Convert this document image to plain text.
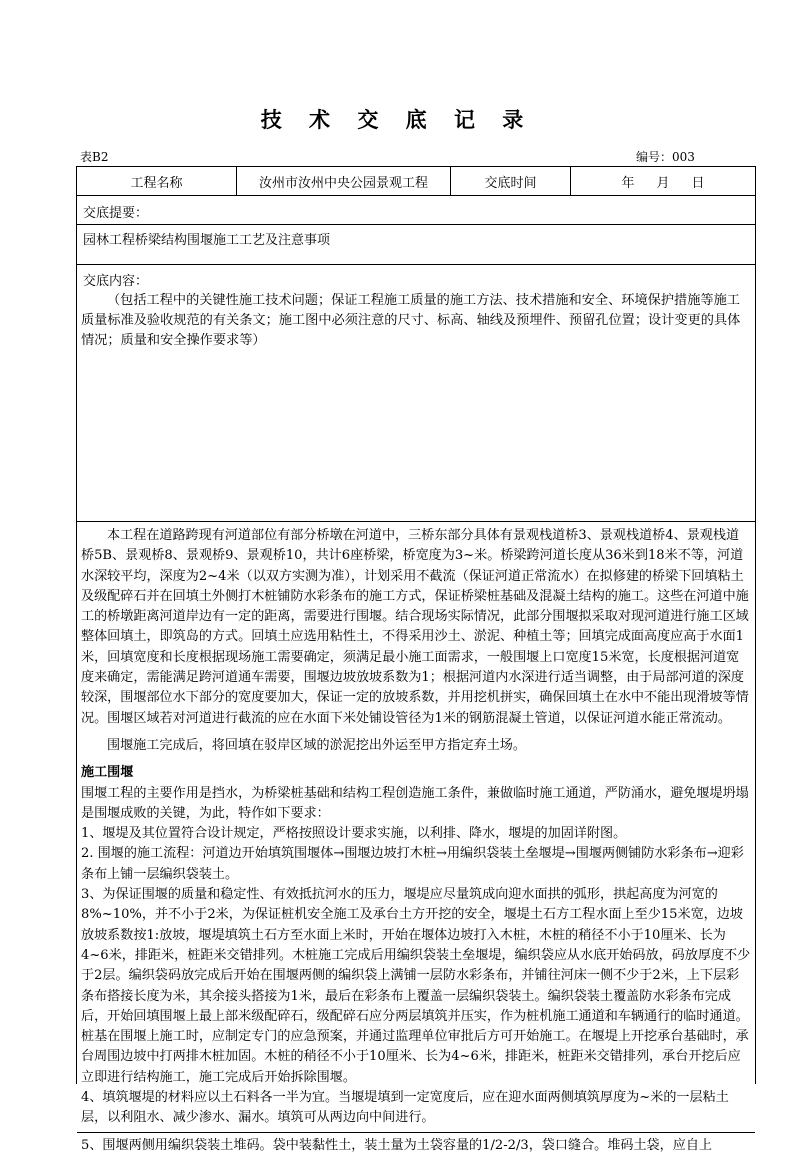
技 术 交 底 记 录
表B2	编号：003
工程名称	汝州市汝州中央公园景观工程	交底时间	年 月 日
交底提要：
园林工程桥梁结构围堰施工工艺及注意事项
交底内容：
（包括工程中的关键性施工技术问题；保证工程施工质量的施工方法、技术措施和安全、环境保护措施等施工质量标准及验收规范的有关条文；施工图中必须注意的尺寸、标高、轴线及预埋件、预留孔位置；设计变更的具体情况；质量和安全操作要求等）

本工程在道路跨现有河道部位有部分桥墩在河道中，三桥东部分具体有景观栈道桥3、景观栈道桥4、景观栈道桥5B、景观桥8、景观桥9、景观桥10，共计6座桥梁，桥宽度为3~米。桥梁跨河道长度从36米到18米不等，河道水深较平均，深度为2~4米（以双方实测为准），计划采用不截流（保证河道正常流水）在拟修建的桥梁下回填粘土及级配碎石并在回填土外侧打木桩铺防水彩条布的施工方式，保证桥梁桩基础及混凝土结构的施工。这些在河道中施工的桥墩距离河道岸边有一定的距离，需要进行围堰。结合现场实际情况，此部分围堰拟采取对现河道进行施工区域整体回填土，即筑岛的方式。回填土应选用粘性土，不得采用沙土、淤泥、种植土等；回填完成面高度应高于水面1米，回填宽度和长度根据现场施工需要确定，须满足最小施工面需求，一般围堰上口宽度15米宽，长度根据河道宽度来确定，需能满足跨河道通车需要，围堰边坡放坡系数为1；根据河道内水深进行适当调整，由于局部河道的深度较深，围堰部位水下部分的宽度要加大，保证一定的放坡系数，并用挖机拼实，确保回填土在水中不能出现滑坡等情况。围堰区域若对河道进行截流的应在水面下米处铺设管径为1米的钢筋混凝土管道，以保证河道水能正常流动。

围堰施工完成后，将回填在驳岸区域的淤泥挖出外运至甲方指定弃土场。

施工围堰

围堰工程的主要作用是挡水，为桥梁桩基础和结构工程创造施工条件，兼做临时施工通道，严防涌水，避免堰堤坍塌是围堰成败的关键，为此，特作如下要求：

1、堰堤及其位置符合设计规定，严格按照设计要求实施，以利排、降水，堰堤的加固详附图。

2. 围堰的施工流程：河道边开始填筑围堰体→围堰边坡打木桩→用编织袋装土垒堰堤→围堰两侧铺防水彩条布→迎彩条布上铺一层编织袋装土。

3、为保证围堰的质量和稳定性、有效抵抗河水的压力，堰堤应尽量筑成向迎水面拱的弧形，拱起高度为河宽的8%~10%，并不小于2米，为保证桩机安全施工及承台土方开挖的安全，堰堤土石方工程水面上至少15米宽，边坡放坡系数按1:放坡，堰堤填筑土石方至水面上米时，开始在堰体边坡打入木桩，木桩的稍径不小于10厘米、长为4~6米，排距米，桩距米交错排列。木桩施工完成后用编织袋装土垒堰堤，编织袋应从水底开始码放，码放厚度不少于2层。编织袋码放完成后开始在围堰两侧的编织袋上满铺一层防水彩条布，并铺往河床一侧不少于2米，上下层彩条布搭接长度为米，其余接头搭接为1米，最后在彩条布上覆盖一层编织袋装土。编织袋装土覆盖防水彩条布完成后，开始回填围堰上最上部米级配碎石，级配碎石应分两层填筑并压实，作为桩机施工通道和车辆通行的临时通道。桩基在围堰上施工时，应制定专门的应急预案，并通过监理单位审批后方可开始施工。在堰堤上开挖承台基础时，承台周围边坡中打两排木桩加固。木桩的稍径不小于10厘米、长为4~6米，排距米，桩距米交错排列，承台开挖后应立即进行结构施工，施工完成后开始拆除围堰。

4、填筑堰堤的材料应以土石料各一半为宜。当堰堤填到一定宽度后，应在迎水面两侧填筑厚度为~米的一层粘土层，以利阻水、减少渗水、漏水。填筑可从两边向中间进行。

5、围堰两侧用编织袋装土堆码。袋中装黏性土，装土量为土袋容量的1/2-2/3，袋口缝合。堆码土袋，应自上
